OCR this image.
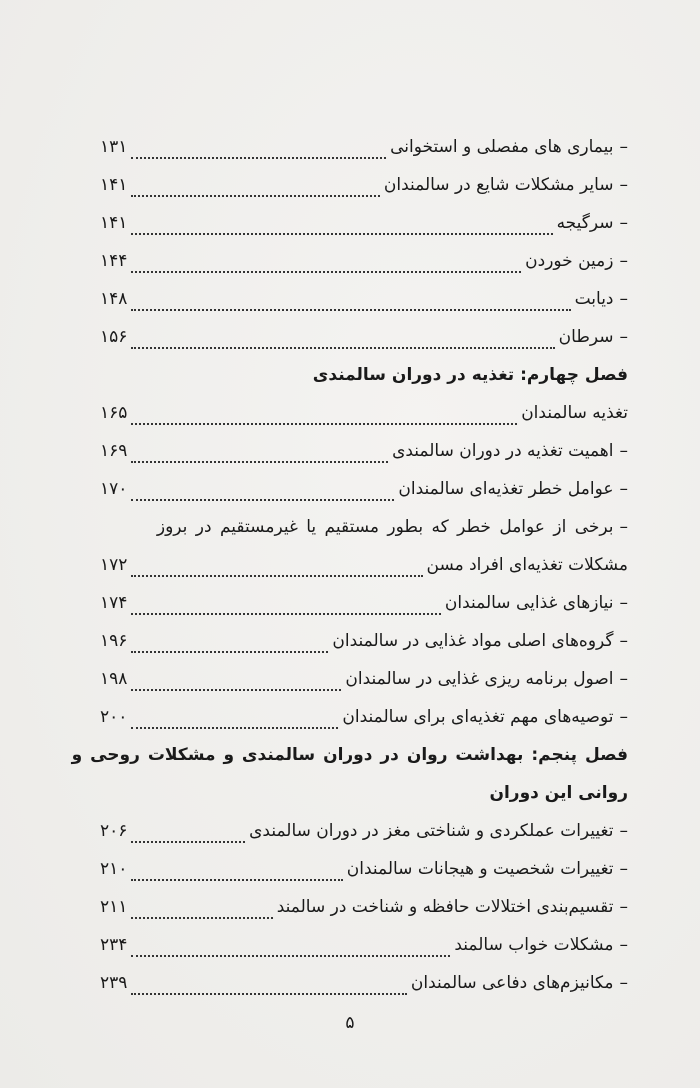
–
بیماری های مفصلی و استخوانی
۱۳۱
–
سایر مشکلات شایع در سالمندان
۱۴۱
–
سرگیجه
۱۴۱
–
زمین خوردن
۱۴۴
–
دیابت
۱۴۸
–
سرطان
۱۵۶
فصل چهارم: تغذیه در دوران سالمندی
تغذیه سالمندان
۱۶۵
–
اهمیت تغذیه در دوران سالمندی
۱۶۹
–
عوامل خطر تغذیه‌ای سالمندان
۱۷۰
–
برخی از عوامل خطر که بطور مستقیم یا غیرمستقیم در بروز
مشکلات تغذیه‌ای افراد مسن
۱۷۲
–
نیازهای غذایی سالمندان
۱۷۴
–
گروه‌های اصلی مواد غذایی در سالمندان
۱۹۶
–
اصول برنامه ریزی غذایی در سالمندان
۱۹۸
–
توصیه‌های مهم تغذیه‌ای برای سالمندان
۲۰۰
فصل پنجم: بهداشت روان در دوران سالمندی و مشکلات روحی و
روانی این دوران
–
تغییرات عملکردی و شناختی مغز در دوران سالمندی
۲۰۶
–
تغییرات شخصیت و هیجانات سالمندان
۲۱۰
–
تقسیم‌بندی اختلالات حافظه و شناخت در سالمند
۲۱۱
–
مشکلات خواب سالمند
۲۳۴
–
مکانیزم‌های دفاعی سالمندان
۲۳۹
۵
